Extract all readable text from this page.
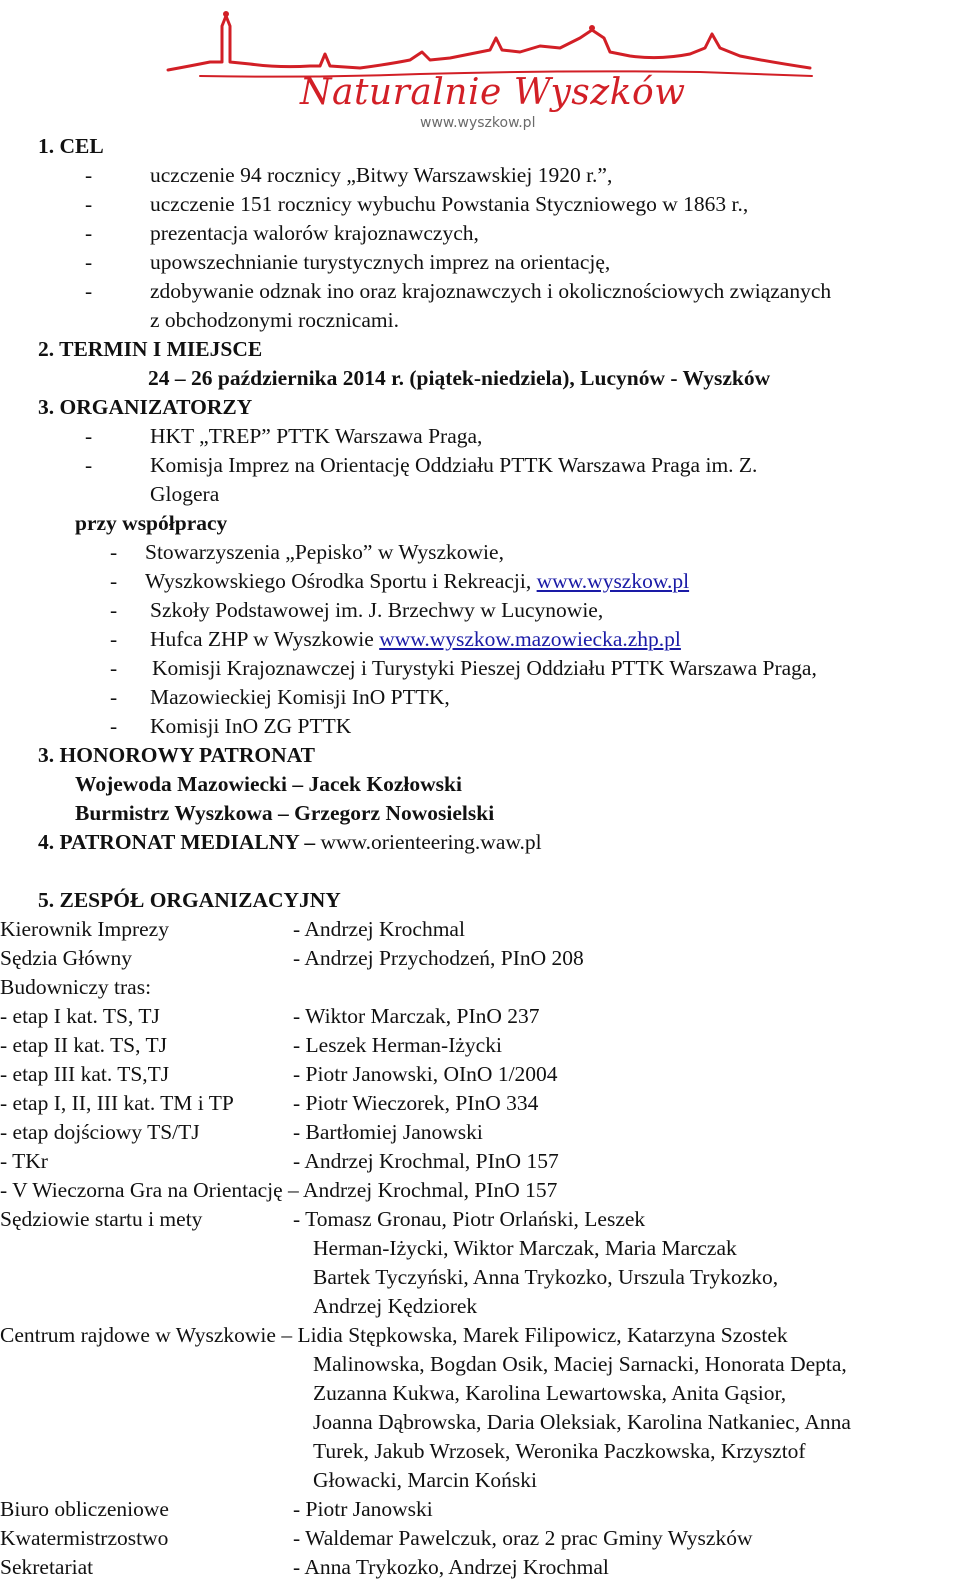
Naturalnie Wyszków
www.wyszkow.pl
1. CEL
-	uczczenie 94 rocznicy „Bitwy Warszawskiej 1920 r.”,
-	uczczenie 151 rocznicy wybuchu Powstania Styczniowego w 1863 r.,
-	prezentacja walorów krajoznawczych,
-	upowszechnianie turystycznych imprez na orientację,
-	zdobywanie odznak ino oraz krajoznawczych i okolicznościowych związanych
z obchodzonymi rocznicami.
2. TERMIN I MIEJSCE
24 – 26 października 2014 r. (piątek-niedziela), Lucynów - Wyszków
3. ORGANIZATORZY
-	HKT „TREP” PTTK Warszawa Praga,
-	Komisja Imprez na Orientację Oddziału PTTK Warszawa Praga im. Z.
Glogera
przy współpracy
- Stowarzyszenia „Pepisko” w Wyszkowie,
- Wyszkowskiego Ośrodka Sportu i Rekreacji, www.wyszkow.pl
- Szkoły Podstawowej im. J. Brzechwy w Lucynowie,
- Hufca ZHP w Wyszkowie www.wyszkow.mazowiecka.zhp.pl
- Komisji Krajoznawczej i Turystyki Pieszej Oddziału PTTK Warszawa Praga,
- Mazowieckiej Komisji InO PTTK,
- Komisji InO ZG PTTK
3. HONOROWY PATRONAT
Wojewoda Mazowiecki – Jacek Kozłowski
Burmistrz Wyszkowa – Grzegorz Nowosielski
4. PATRONAT MEDIALNY – www.orienteering.waw.pl
5. ZESPÓŁ ORGANIZACYJNY
Kierownik Imprezy	- Andrzej Krochmal
Sędzia Główny	- Andrzej Przychodzeń, PInO 208
Budowniczy tras:
- etap I kat. TS, TJ	- Wiktor Marczak, PInO 237
- etap II kat. TS, TJ	- Leszek Herman-Iżycki
- etap III kat. TS,TJ	- Piotr Janowski, OInO 1/2004
- etap I, II, III kat. TM i TP	- Piotr Wieczorek, PInO 334
- etap dojściowy TS/TJ	- Bartłomiej Janowski
- TKr	- Andrzej Krochmal, PInO 157
- V Wieczorna Gra na Orientację – Andrzej Krochmal, PInO 157
Sędziowie startu i mety	- Tomasz Gronau, Piotr Orlański, Leszek
Herman-Iżycki, Wiktor Marczak, Maria Marczak
Bartek Tyczyński, Anna Trykozko, Urszula Trykozko,
Andrzej Kędziorek
Centrum rajdowe w Wyszkowie – Lidia Stępkowska, Marek Filipowicz, Katarzyna Szostek
Malinowska, Bogdan Osik, Maciej Sarnacki, Honorata Depta,
Zuzanna Kukwa, Karolina Lewartowska, Anita Gąsior,
Joanna Dąbrowska, Daria Oleksiak, Karolina Natkaniec, Anna
Turek, Jakub Wrzosek, Weronika Paczkowska, Krzysztof
Głowacki, Marcin Koński
Biuro obliczeniowe	- Piotr Janowski
Kwatermistrzostwo	- Waldemar Pawelczuk, oraz 2 prac Gminy Wyszków
Sekretariat	- Anna Trykozko, Andrzej Krochmal
